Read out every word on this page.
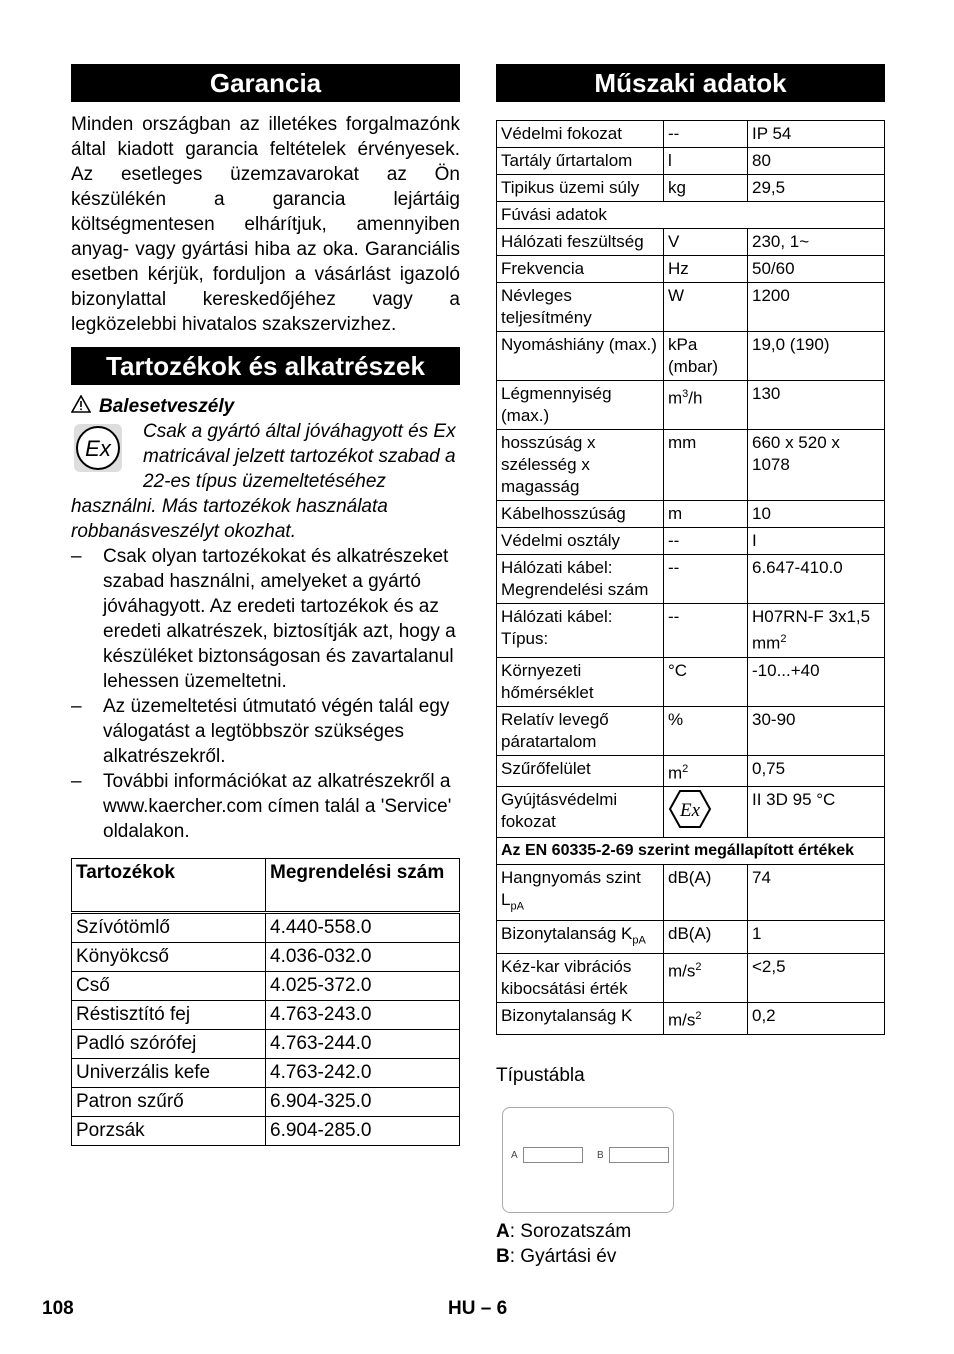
Garancia

Minden országban az illetékes forgalmazónk által kiadott garancia feltételek érvényesek. Az esetleges üzemzavarokat az Ön készülékén a garancia lejártáig költségmentesen elhárítjuk, amennyiben anyag- vagy gyártási hiba az oka. Garanciális esetben kérjük, forduljon a vásárlást igazoló bizonylattal kereskedőjéhez vagy a legközelebbi hivatalos szakszervizhez.

Tartozékok és alkatrészek
Balesetveszély
Ex
Csak a gyártó által jóváhagyott és Ex matricával jelzett tartozékot szabad a 22-es típus üzemeltetéséhez használni. Más tartozékok használata robbanásveszélyt okozhat.
– Csak olyan tartozékokat és alkatrészeket szabad használni, amelyeket a gyártó jóváhagyott. Az eredeti tartozékok és az eredeti alkatrészek, biztosítják azt, hogy a készüléket biztonságosan és zavartalanul lehessen üzemeltetni.
– Az üzemeltetési útmutató végén talál egy válogatást a legtöbbször szükséges alkatrészekről.
– További információkat az alkatrészekről a www.kaercher.com címen talál a 'Service' oldalakon.
Tartozékok	Megrendelési szám
Szívótömlő	4.440-558.0
Könyökcső	4.036-032.0
Cső	4.025-372.0
Réstisztító fej	4.763-243.0
Padló szórófej	4.763-244.0
Univerzális kefe	4.763-242.0
Patron szűrő	6.904-325.0
Porzsák	6.904-285.0
Műszaki adatok
Védelmi fokozat	--	IP 54
Tartály űrtartalom	l	80
Tipikus üzemi súly	kg	29,5
Fúvási adatok		
Hálózati feszültség	V	230, 1~
Frekvencia	Hz	50/60
Névleges teljesítmény	W	1200
Nyomáshiány (max.)	kPa (mbar)	19,0 (190)
Légmennyiség (max.)	$m^3/h$	130
hosszúság x szélesség x magasság	mm	660 x 520 x 1078
Kábelhosszúság	m	10
Védelmi osztály	--	I
Hálózati kábel: Megrendelési szám	--	6.647-410.0
Hálózati kábel: Típus:	--	H07RN-F 3x1,5 $mm^2$
Környezeti hőmérséklet	°C	-10...+40
Relatív levegő páratartalom	%	30-90
Szűrőfelület	$m^2$	0,75
Gyújtásvédelmi fokozat	Ex	II 3D 95 °C
Az EN 60335-2-69 szerint megállapított értékek		
Hangnyomás szint $L_{pA}$	dB(A)	74
Bizonytalanság $K_{pA}$	dB(A)	1
Kéz-kar vibrációs kibocsátási érték	$m/s^2$	<2,5
Bizonytalanság K	$m/s^2$	0,2
Típustábla
A	B
A: Sorozatszám
B: Gyártási év
108	HU – 6
